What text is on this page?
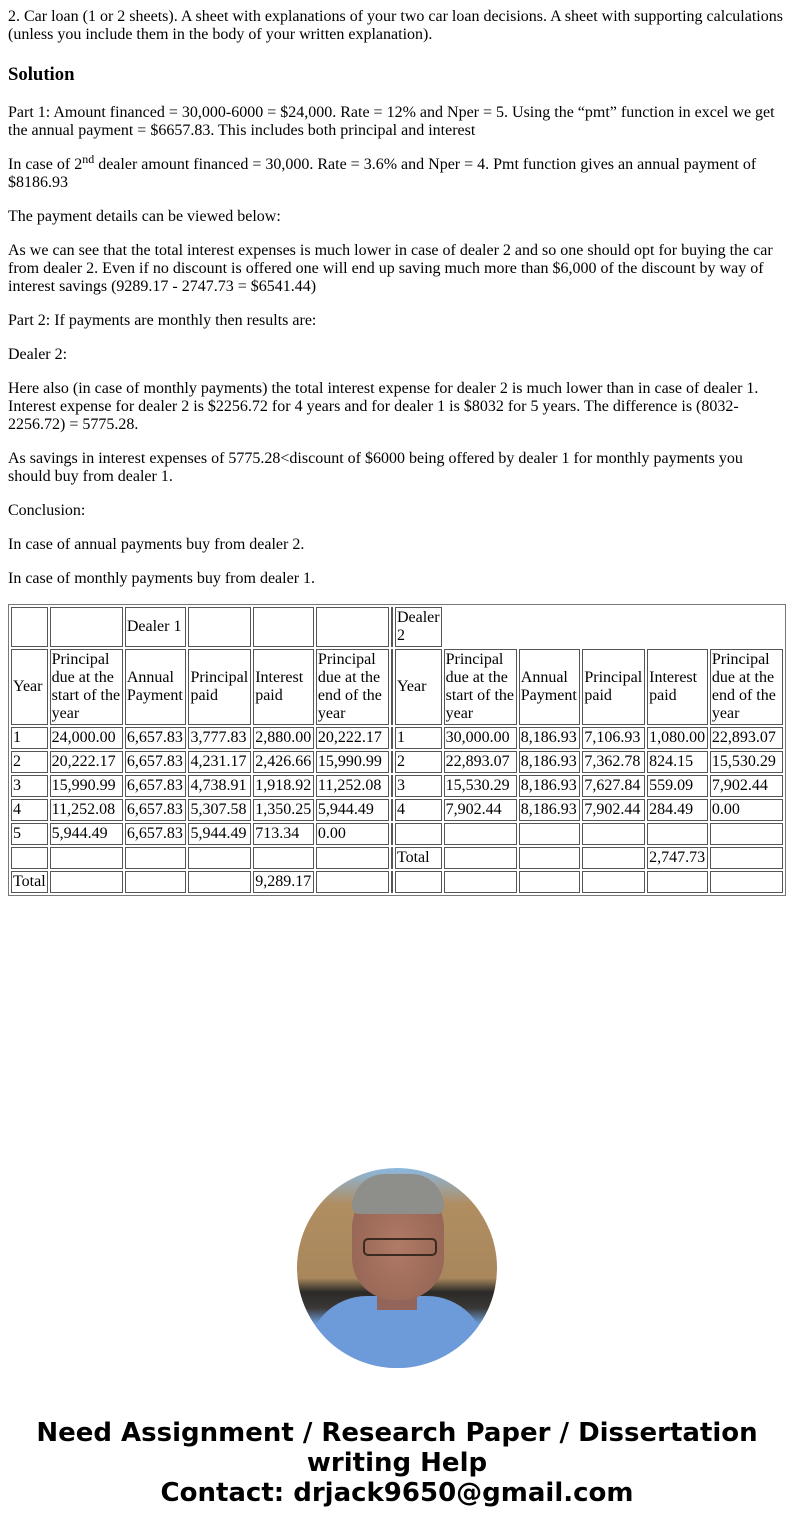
2. Car loan (1 or 2 sheets). A sheet with explanations of your two car loan decisions. A sheet with supporting calculations (unless you include them in the body of your written explanation).

Solution

Part 1: Amount financed = 30,000-6000 = $24,000. Rate = 12% and Nper = 5. Using the “pmt” function in excel we get the annual payment = $6657.83. This includes both principal and interest

In case of 2nd dealer amount financed = 30,000. Rate = 3.6% and Nper = 4. Pmt function gives an annual payment of $8186.93

The payment details can be viewed below:

As we can see that the total interest expenses is much lower in case of dealer 2 and so one should opt for buying the car from dealer 2. Even if no discount is offered one will end up saving much more than $6,000 of the discount by way of interest savings (9289.17 - 2747.73 = $6541.44)

Part 2: If payments are monthly then results are:

Dealer 2:

Here also (in case of monthly payments) the total interest expense for dealer 2 is much lower than in case of dealer 1. Interest expense for dealer 2 is $2256.72 for 4 years and for dealer 1 is $8032 for 5 years. The difference is (8032-2256.72) = 5775.28.

As savings in interest expenses of 5775.28<discount of $6000 being offered by dealer 1 for monthly payments you should buy from dealer 1.

Conclusion:

In case of annual payments buy from dealer 2.

In case of monthly payments buy from dealer 1.

		Dealer 1					Dealer 2					
Year	Principal due at the start of the year	Annual Payment	Principal paid	Interest paid	Principal due at the end of the year		Year	Principal due at the start of the year	Annual Payment	Principal paid	Interest paid	Principal due at the end of the year
1	24,000.00	6,657.83	3,777.83	2,880.00	20,222.17		1	30,000.00	8,186.93	7,106.93	1,080.00	22,893.07
2	20,222.17	6,657.83	4,231.17	2,426.66	15,990.99		2	22,893.07	8,186.93	7,362.78	824.15	15,530.29
3	15,990.99	6,657.83	4,738.91	1,918.92	11,252.08		3	15,530.29	8,186.93	7,627.84	559.09	7,902.44
4	11,252.08	6,657.83	5,307.58	1,350.25	5,944.49		4	7,902.44	8,186.93	7,902.44	284.49	0.00
5	5,944.49	6,657.83	5,944.49	713.34	0.00							
							Total				2,747.73	
Total				9,289.17								
Need Assignment / Research Paper / Dissertation
writing Help
Contact: drjack9650@gmail.com
